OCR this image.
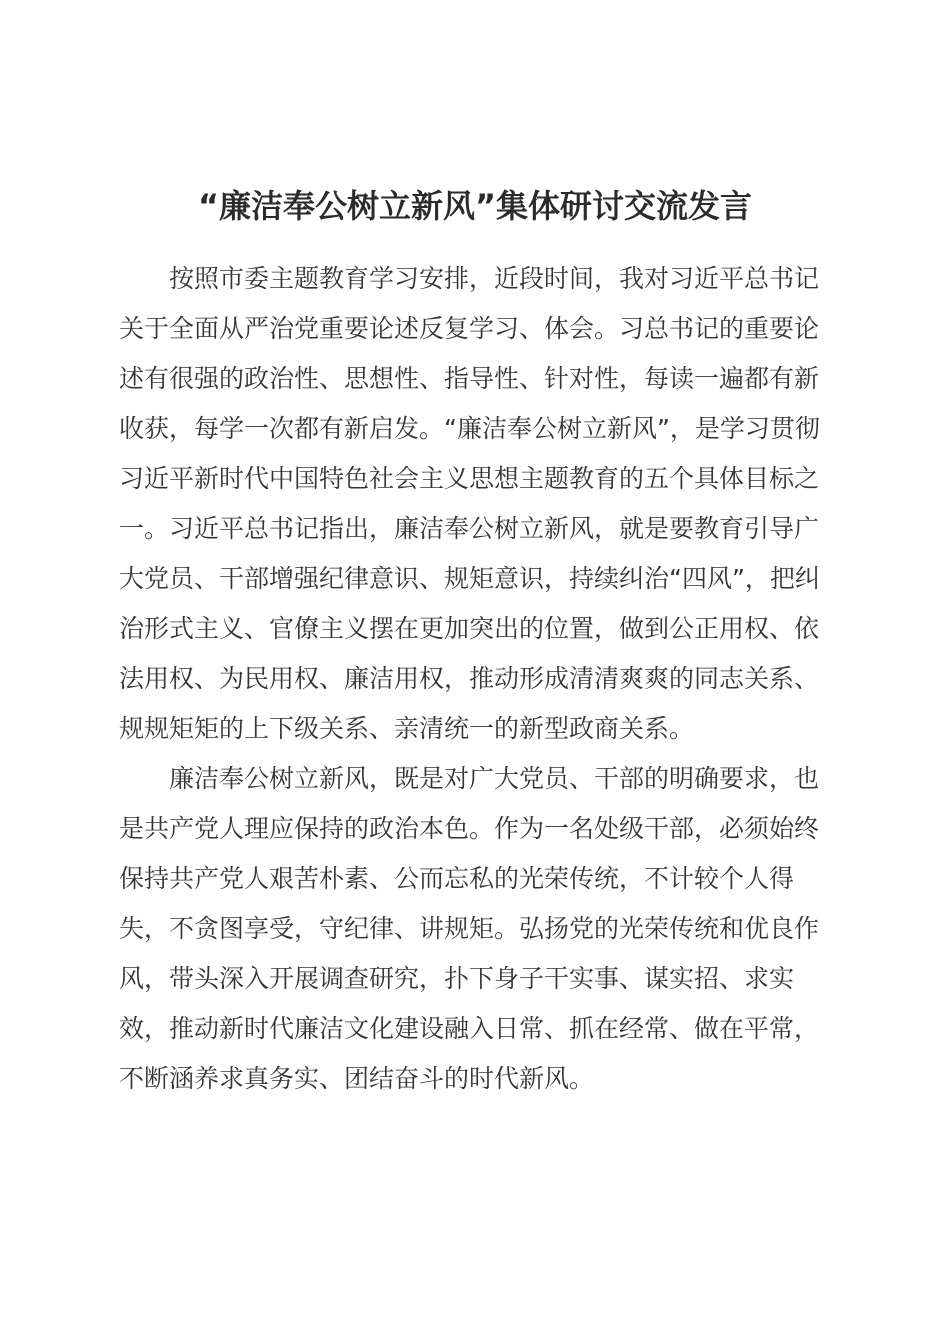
“廉洁奉公树立新风”集体研讨交流发言

按照市委主题教育学习安排，近段时间，我对习近平总书记关于全面从严治党重要论述反复学习、体会。习总书记的重要论述有很强的政治性、思想性、指导性、针对性，每读一遍都有新收获，每学一次都有新启发。“廉洁奉公树立新风”，是学习贯彻习近平新时代中国特色社会主义思想主题教育的五个具体目标之一。习近平总书记指出，廉洁奉公树立新风，就是要教育引导广大党员、干部增强纪律意识、规矩意识，持续纠治“四风”，把纠治形式主义、官僚主义摆在更加突出的位置，做到公正用权、依法用权、为民用权、廉洁用权，推动形成清清爽爽的同志关系、规规矩矩的上下级关系、亲清统一的新型政商关系。

廉洁奉公树立新风，既是对广大党员、干部的明确要求，也是共产党人理应保持的政治本色。作为一名处级干部，必须始终保持共产党人艰苦朴素、公而忘私的光荣传统，不计较个人得失，不贪图享受，守纪律、讲规矩。弘扬党的光荣传统和优良作风，带头深入开展调查研究，扑下身子干实事、谋实招、求实效，推动新时代廉洁文化建设融入日常、抓在经常、做在平常，不断涵养求真务实、团结奋斗的时代新风。
